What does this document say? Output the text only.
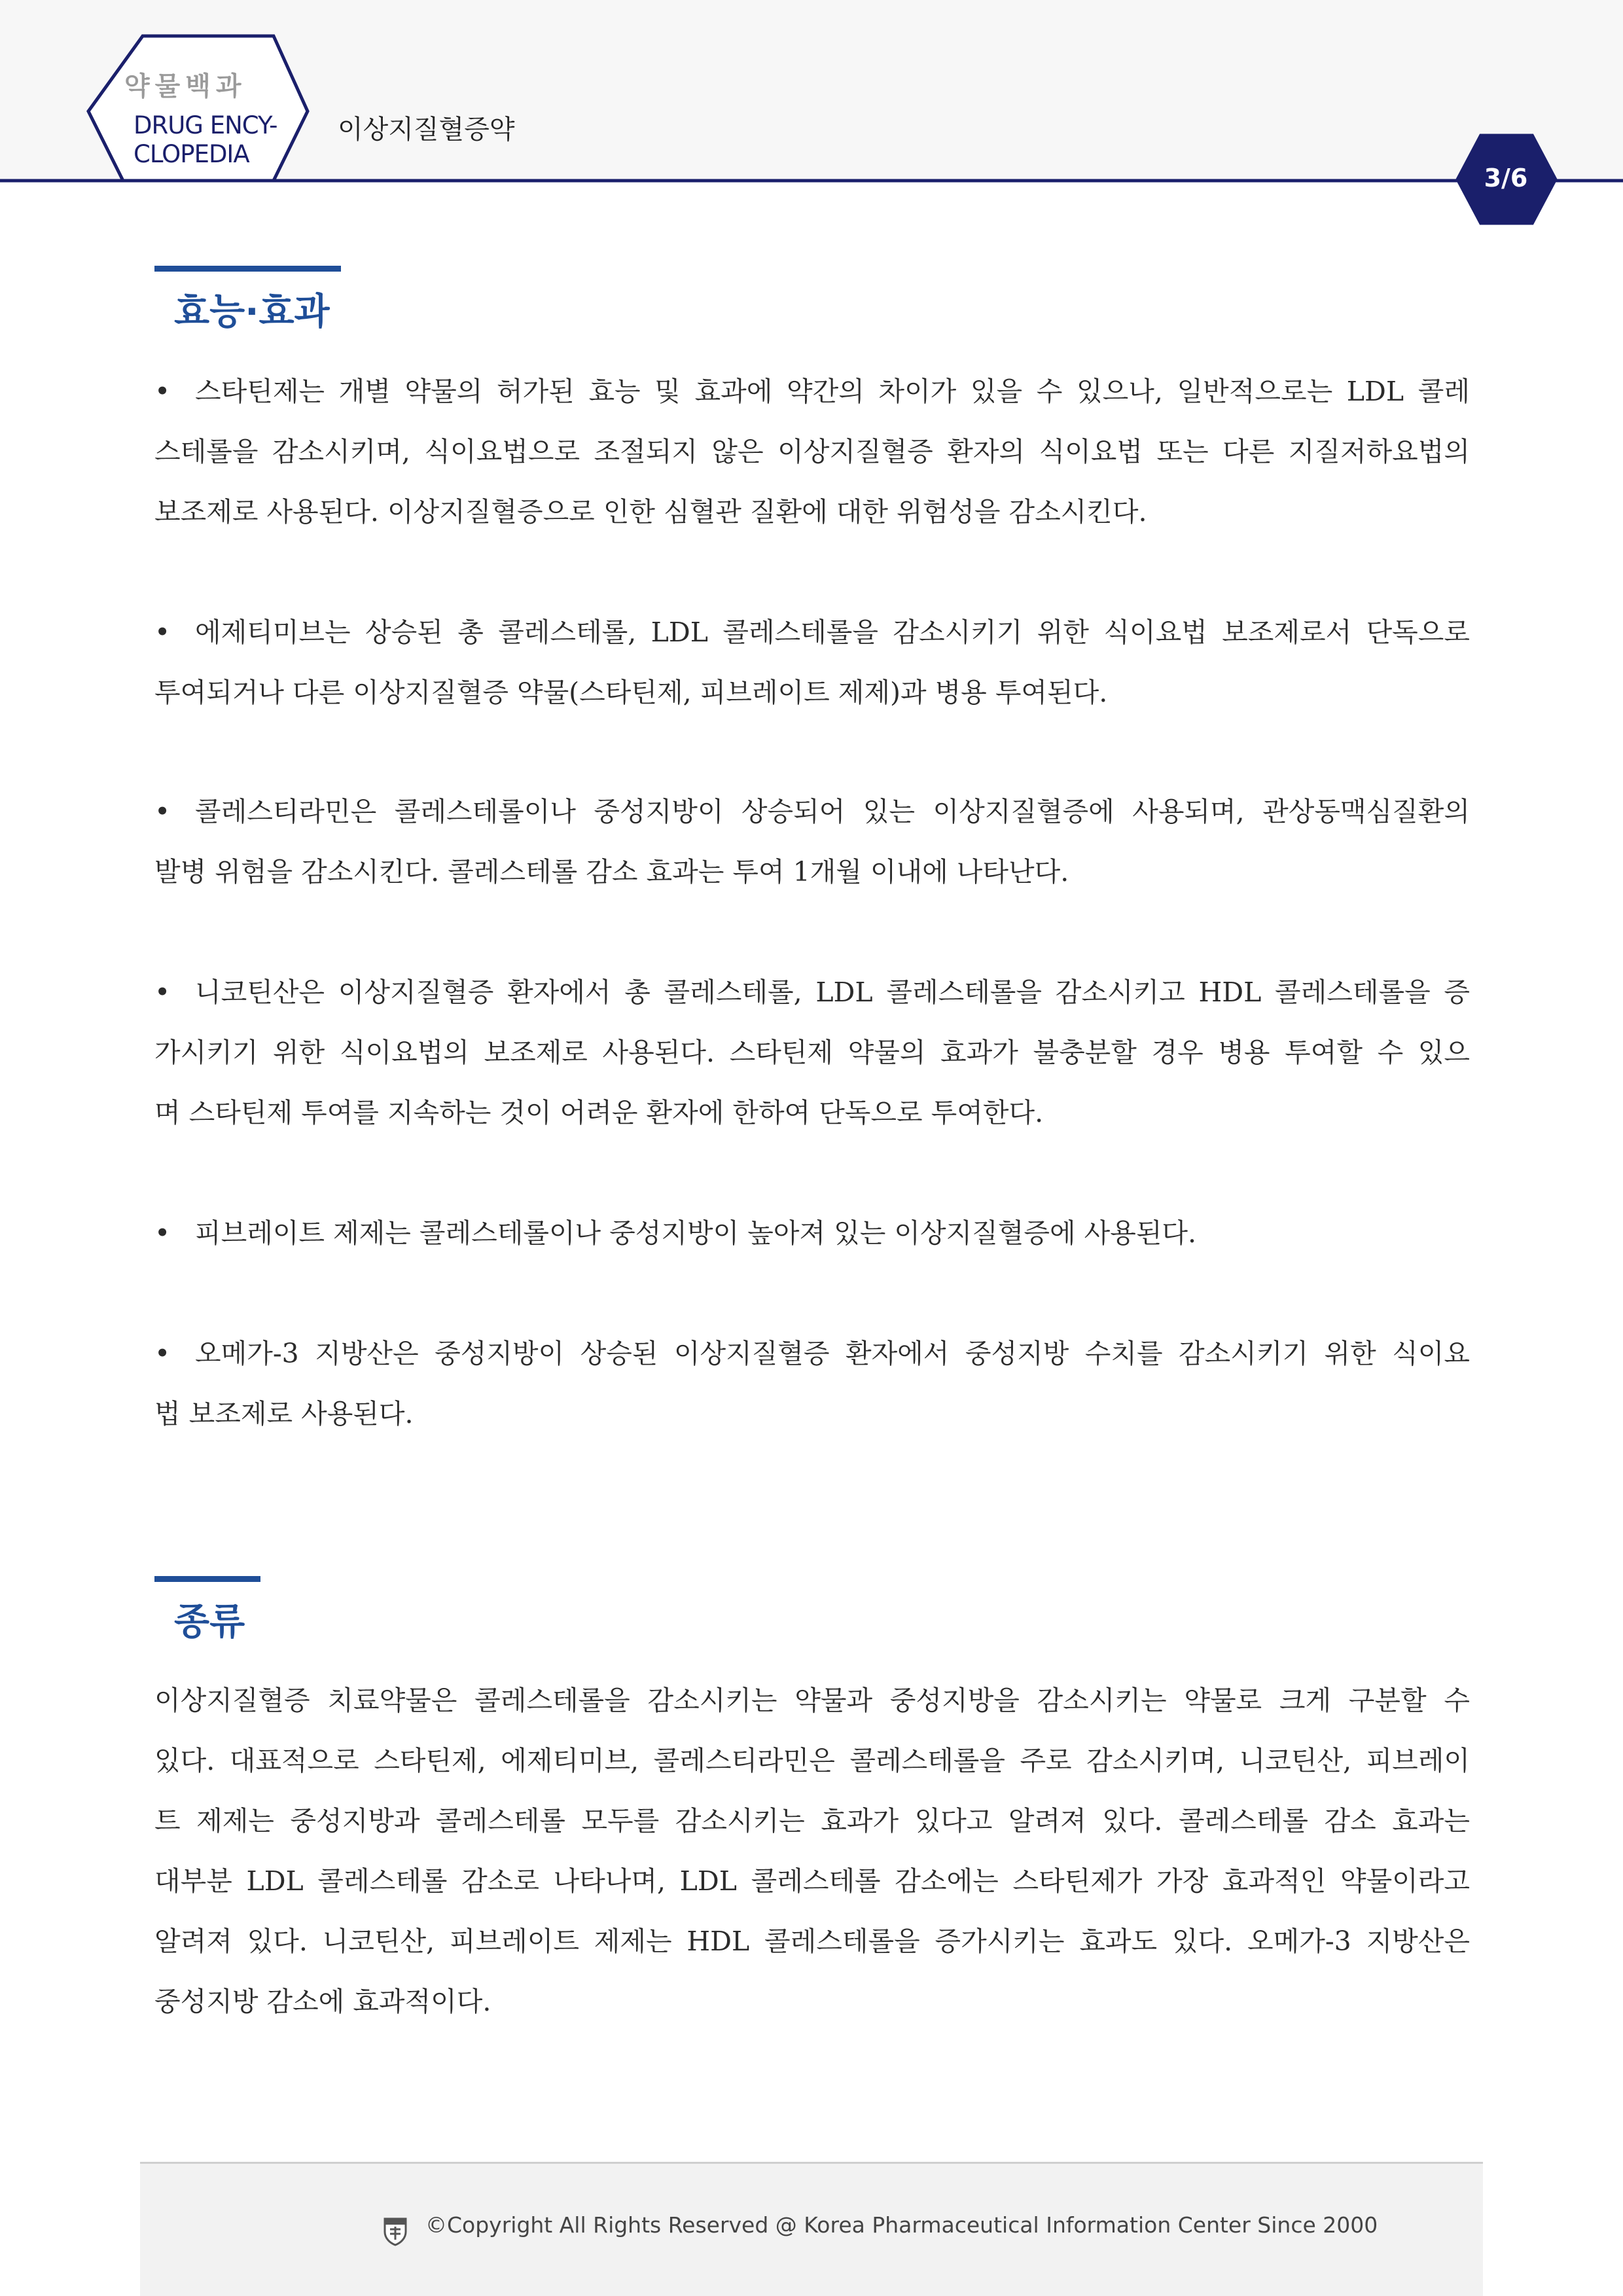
약물백과
DRUG ENCY-
CLOPEDIA
이상지질혈증약
3/6
효능·효과
• 스타틴제는 개별 약물의 허가된 효능 및 효과에 약간의 차이가 있을 수 있으나, 일반적으로는 LDL 콜레
스테롤을 감소시키며, 식이요법으로 조절되지 않은 이상지질혈증 환자의 식이요법 또는 다른 지질저하요법의
보조제로 사용된다. 이상지질혈증으로 인한 심혈관 질환에 대한 위험성을 감소시킨다.
• 에제티미브는 상승된 총 콜레스테롤, LDL 콜레스테롤을 감소시키기 위한 식이요법 보조제로서 단독으로
투여되거나 다른 이상지질혈증 약물(스타틴제, 피브레이트 제제)과 병용 투여된다.
• 콜레스티라민은 콜레스테롤이나 중성지방이 상승되어 있는 이상지질혈증에 사용되며, 관상동맥심질환의
발병 위험을 감소시킨다. 콜레스테롤 감소 효과는 투여 1개월 이내에 나타난다.
• 니코틴산은 이상지질혈증 환자에서 총 콜레스테롤, LDL 콜레스테롤을 감소시키고 HDL 콜레스테롤을 증
가시키기 위한 식이요법의 보조제로 사용된다. 스타틴제 약물의 효과가 불충분할 경우 병용 투여할 수 있으
며 스타틴제 투여를 지속하는 것이 어려운 환자에 한하여 단독으로 투여한다.
• 피브레이트 제제는 콜레스테롤이나 중성지방이 높아져 있는 이상지질혈증에 사용된다.
• 오메가-3 지방산은 중성지방이 상승된 이상지질혈증 환자에서 중성지방 수치를 감소시키기 위한 식이요
법 보조제로 사용된다.
종류
이상지질혈증 치료약물은 콜레스테롤을 감소시키는 약물과 중성지방을 감소시키는 약물로 크게 구분할 수
있다. 대표적으로 스타틴제, 에제티미브, 콜레스티라민은 콜레스테롤을 주로 감소시키며, 니코틴산, 피브레이
트 제제는 중성지방과 콜레스테롤 모두를 감소시키는 효과가 있다고 알려져 있다. 콜레스테롤 감소 효과는
대부분 LDL 콜레스테롤 감소로 나타나며, LDL 콜레스테롤 감소에는 스타틴제가 가장 효과적인 약물이라고
알려져 있다. 니코틴산, 피브레이트 제제는 HDL 콜레스테롤을 증가시키는 효과도 있다. 오메가-3 지방산은
중성지방 감소에 효과적이다.
©Copyright All Rights Reserved @ Korea Pharmaceutical Information Center Since 2000
